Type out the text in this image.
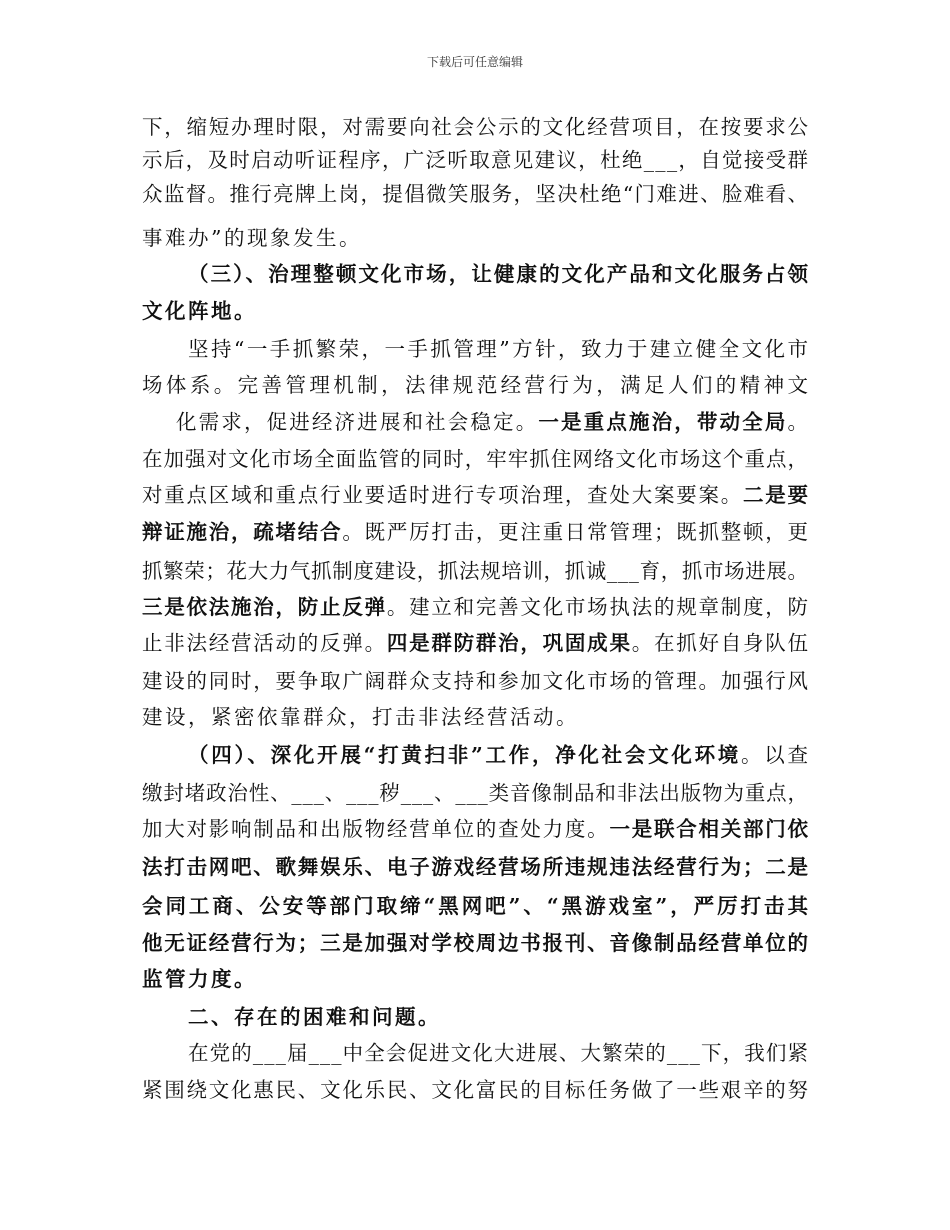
下载后可任意编辑
下，缩短办理时限，对需要向社会公示的文化经营项目，在按要求公
示后，及时启动听证程序，广泛听取意见建议，杜绝___，自觉接受群
众监督。推行亮牌上岗，提倡微笑服务，坚决杜绝“门难进、脸难看、
事难办”的现象发生。
（三）、治理整顿文化市场，让健康的文化产品和文化服务占领
文化阵地。
坚持“一手抓繁荣，一手抓管理”方针，致力于建立健全文化市
场体系。完善管理机制，法律规范经营行为，满足人们的精神文
化需求，促进经济进展和社会稳定。一是重点施治，带动全局。
在加强对文化市场全面监管的同时，牢牢抓住网络文化市场这个重点，
对重点区域和重点行业要适时进行专项治理，查处大案要案。二是要
辩证施治，疏堵结合。既严厉打击，更注重日常管理；既抓整顿，更
抓繁荣；花大力气抓制度建设，抓法规培训，抓诚___育，抓市场进展。
三是依法施治，防止反弹。建立和完善文化市场执法的规章制度，防
止非法经营活动的反弹。四是群防群治，巩固成果。在抓好自身队伍
建设的同时，要争取广阔群众支持和参加文化市场的管理。加强行风
建设，紧密依靠群众，打击非法经营活动。
（四）、深化开展“打黄扫非”工作，净化社会文化环境。以查
缴封堵政治性、___、___秽___、___类音像制品和非法出版物为重点，
加大对影响制品和出版物经营单位的查处力度。一是联合相关部门依
法打击网吧、歌舞娱乐、电子游戏经营场所违规违法经营行为；二是
会同工商、公安等部门取缔“黑网吧”、“黑游戏室”，严厉打击其
他无证经营行为；三是加强对学校周边书报刊、音像制品经营单位的
监管力度。
二、存在的困难和问题。
在党的___届___中全会促进文化大进展、大繁荣的___下，我们紧
紧围绕文化惠民、文化乐民、文化富民的目标任务做了一些艰辛的努
